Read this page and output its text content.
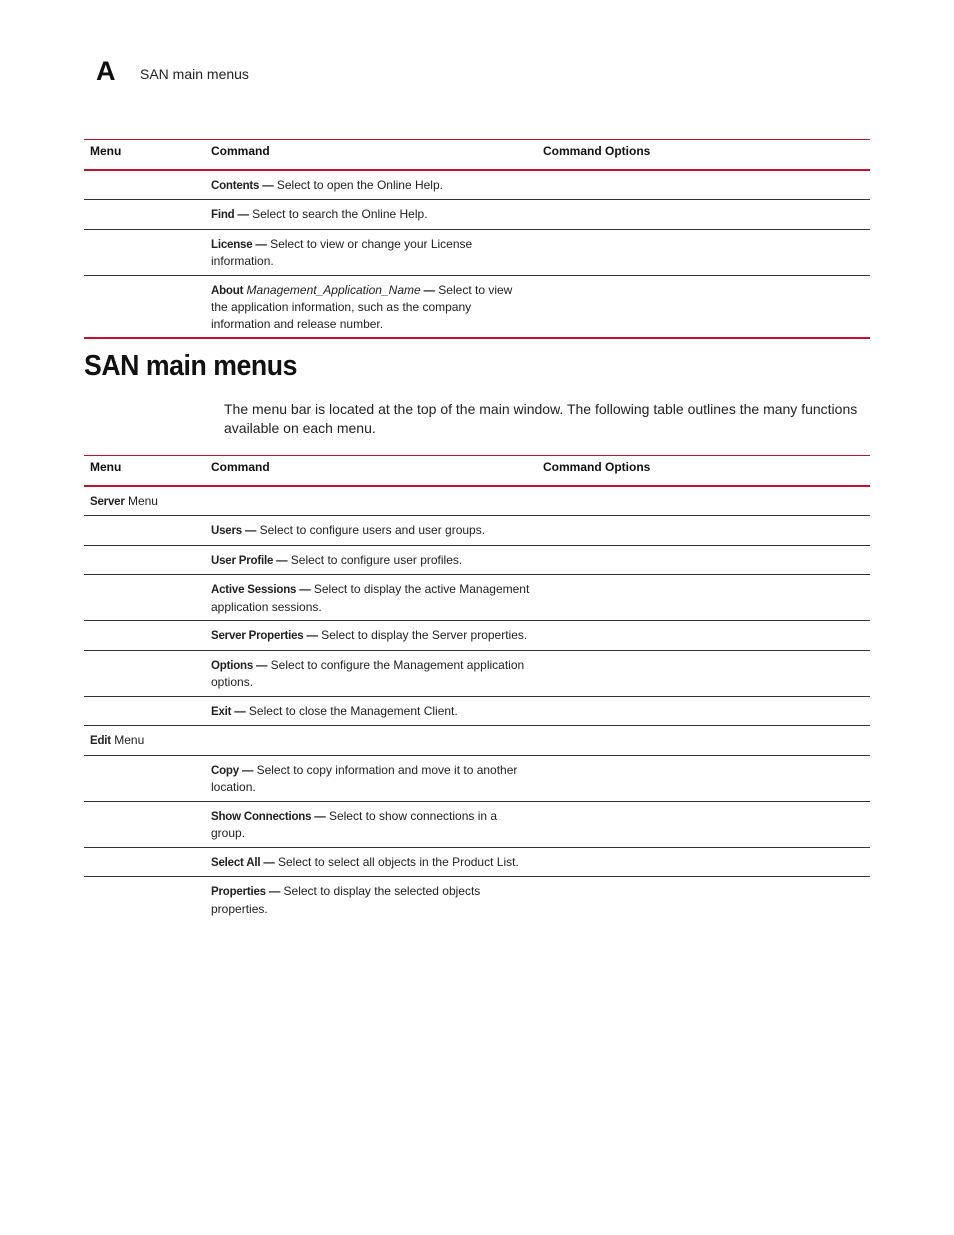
A SAN main menus
Menu	Command	Command Options
	Contents — Select to open the Online Help.	
	Find — Select to search the Online Help.	
	License — Select to view or change your License information.	
	About Management_Application_Name — Select to view the application information, such as the company information and release number.	
SAN main menus
The menu bar is located at the top of the main window. The following table outlines the many functions available on each menu.
Menu	Command	Command Options
Server Menu		
	Users — Select to configure users and user groups.	
	User Profile — Select to configure user profiles.	
	Active Sessions — Select to display the active Management application sessions.	
	Server Properties — Select to display the Server properties.	
	Options — Select to configure the Management application options.	
	Exit — Select to close the Management Client.	
Edit Menu		
	Copy — Select to copy information and move it to another location.	
	Show Connections — Select to show connections in a group.	
	Select All — Select to select all objects in the Product List.	
	Properties — Select to display the selected objects properties.	
